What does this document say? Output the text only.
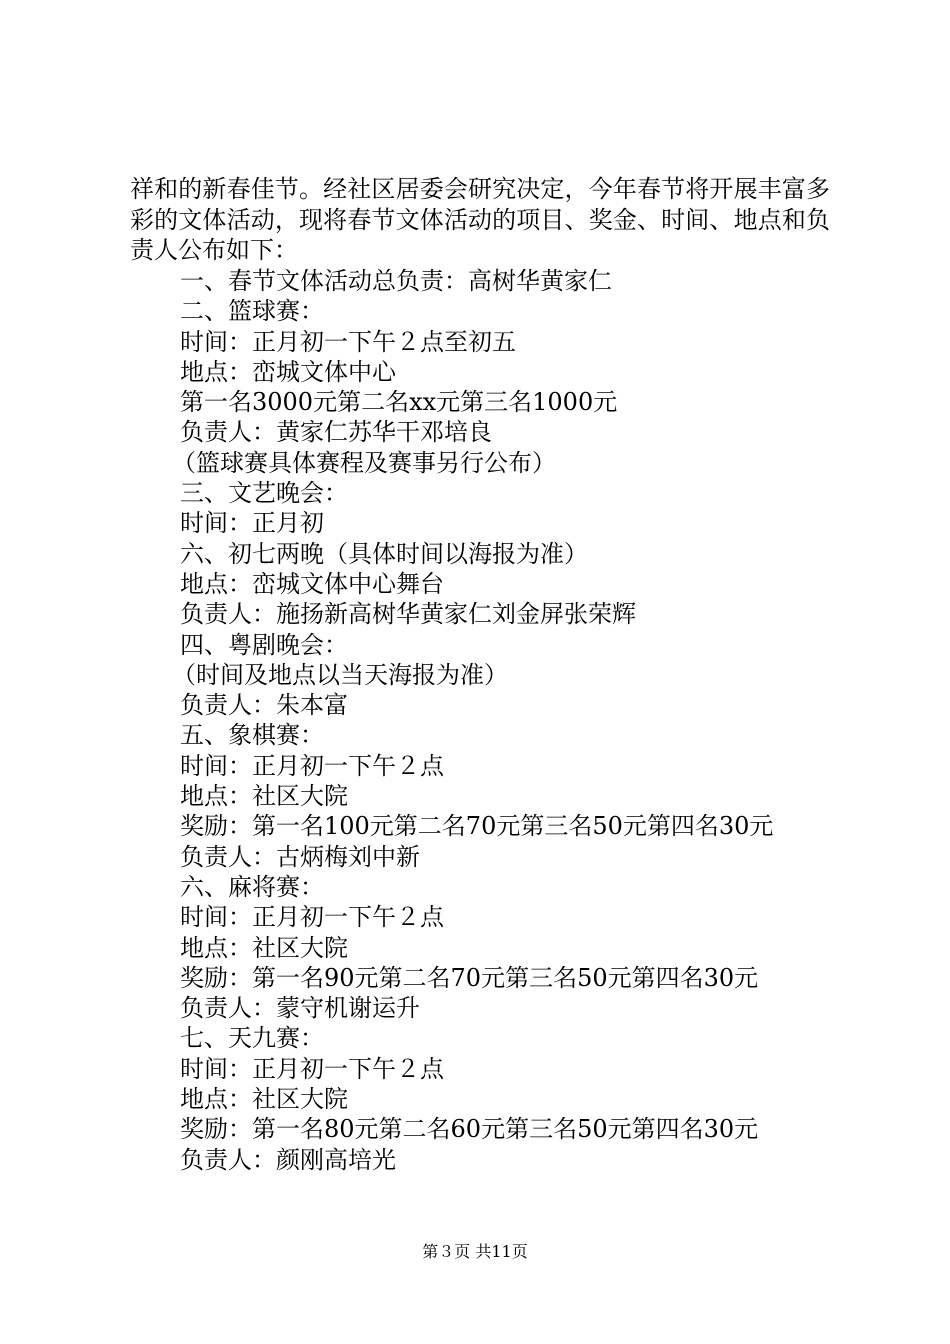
祥和的新春佳节。经社区居委会研究决定，今年春节将开展丰富多彩的文体活动，现将春节文体活动的项目、奖金、时间、地点和负责人公布如下：
一、春节文体活动总负责：高树华黄家仁
二、篮球赛：
时间：正月初一下午２点至初五
地点：峦城文体中心
第一名3000元第二名xx元第三名1000元
负责人：黄家仁苏华干邓培良
（篮球赛具体赛程及赛事另行公布）
三、文艺晚会：
时间：正月初
六、初七两晚（具体时间以海报为准）
地点：峦城文体中心舞台
负责人：施扬新高树华黄家仁刘金屏张荣辉
四、粤剧晚会：
（时间及地点以当天海报为准）
负责人：朱本富
五、象棋赛：
时间：正月初一下午２点
地点：社区大院
奖励：第一名100元第二名70元第三名50元第四名30元
负责人：古炳梅刘中新
六、麻将赛：
时间：正月初一下午２点
地点：社区大院
奖励：第一名90元第二名70元第三名50元第四名30元
负责人：蒙守机谢运升
七、天九赛：
时间：正月初一下午２点
地点：社区大院
奖励：第一名80元第二名60元第三名50元第四名30元
负责人：颜刚高培光
第３页 共11页
